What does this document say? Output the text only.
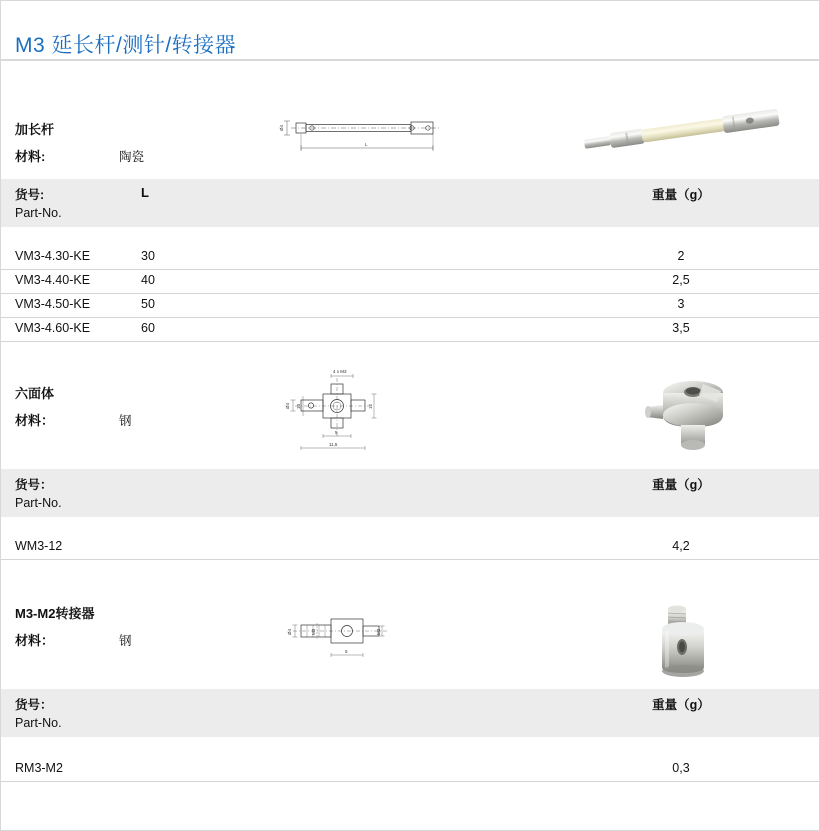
M3 延长杆/测针/转接器
加长杆
材料:	陶瓷
Ø4
L
货号:
Part-No.
L	重量（g）
VM3-4.30-KE	30	2
VM3-4.40-KE	40	2,5
VM3-4.50-KE	50	3
VM3-4.60-KE	60	3,5
六面体
材料：	钢
4 x M3
Ø4 10	12
5
11,5
货号：
Part-No.
重量（g）
WM3-12	4,2
M3-M2转接器
材料：	钢
Ø4	M3	M2
5
货号：
Part-No.
重量（g）
RM3-M2	0,3
